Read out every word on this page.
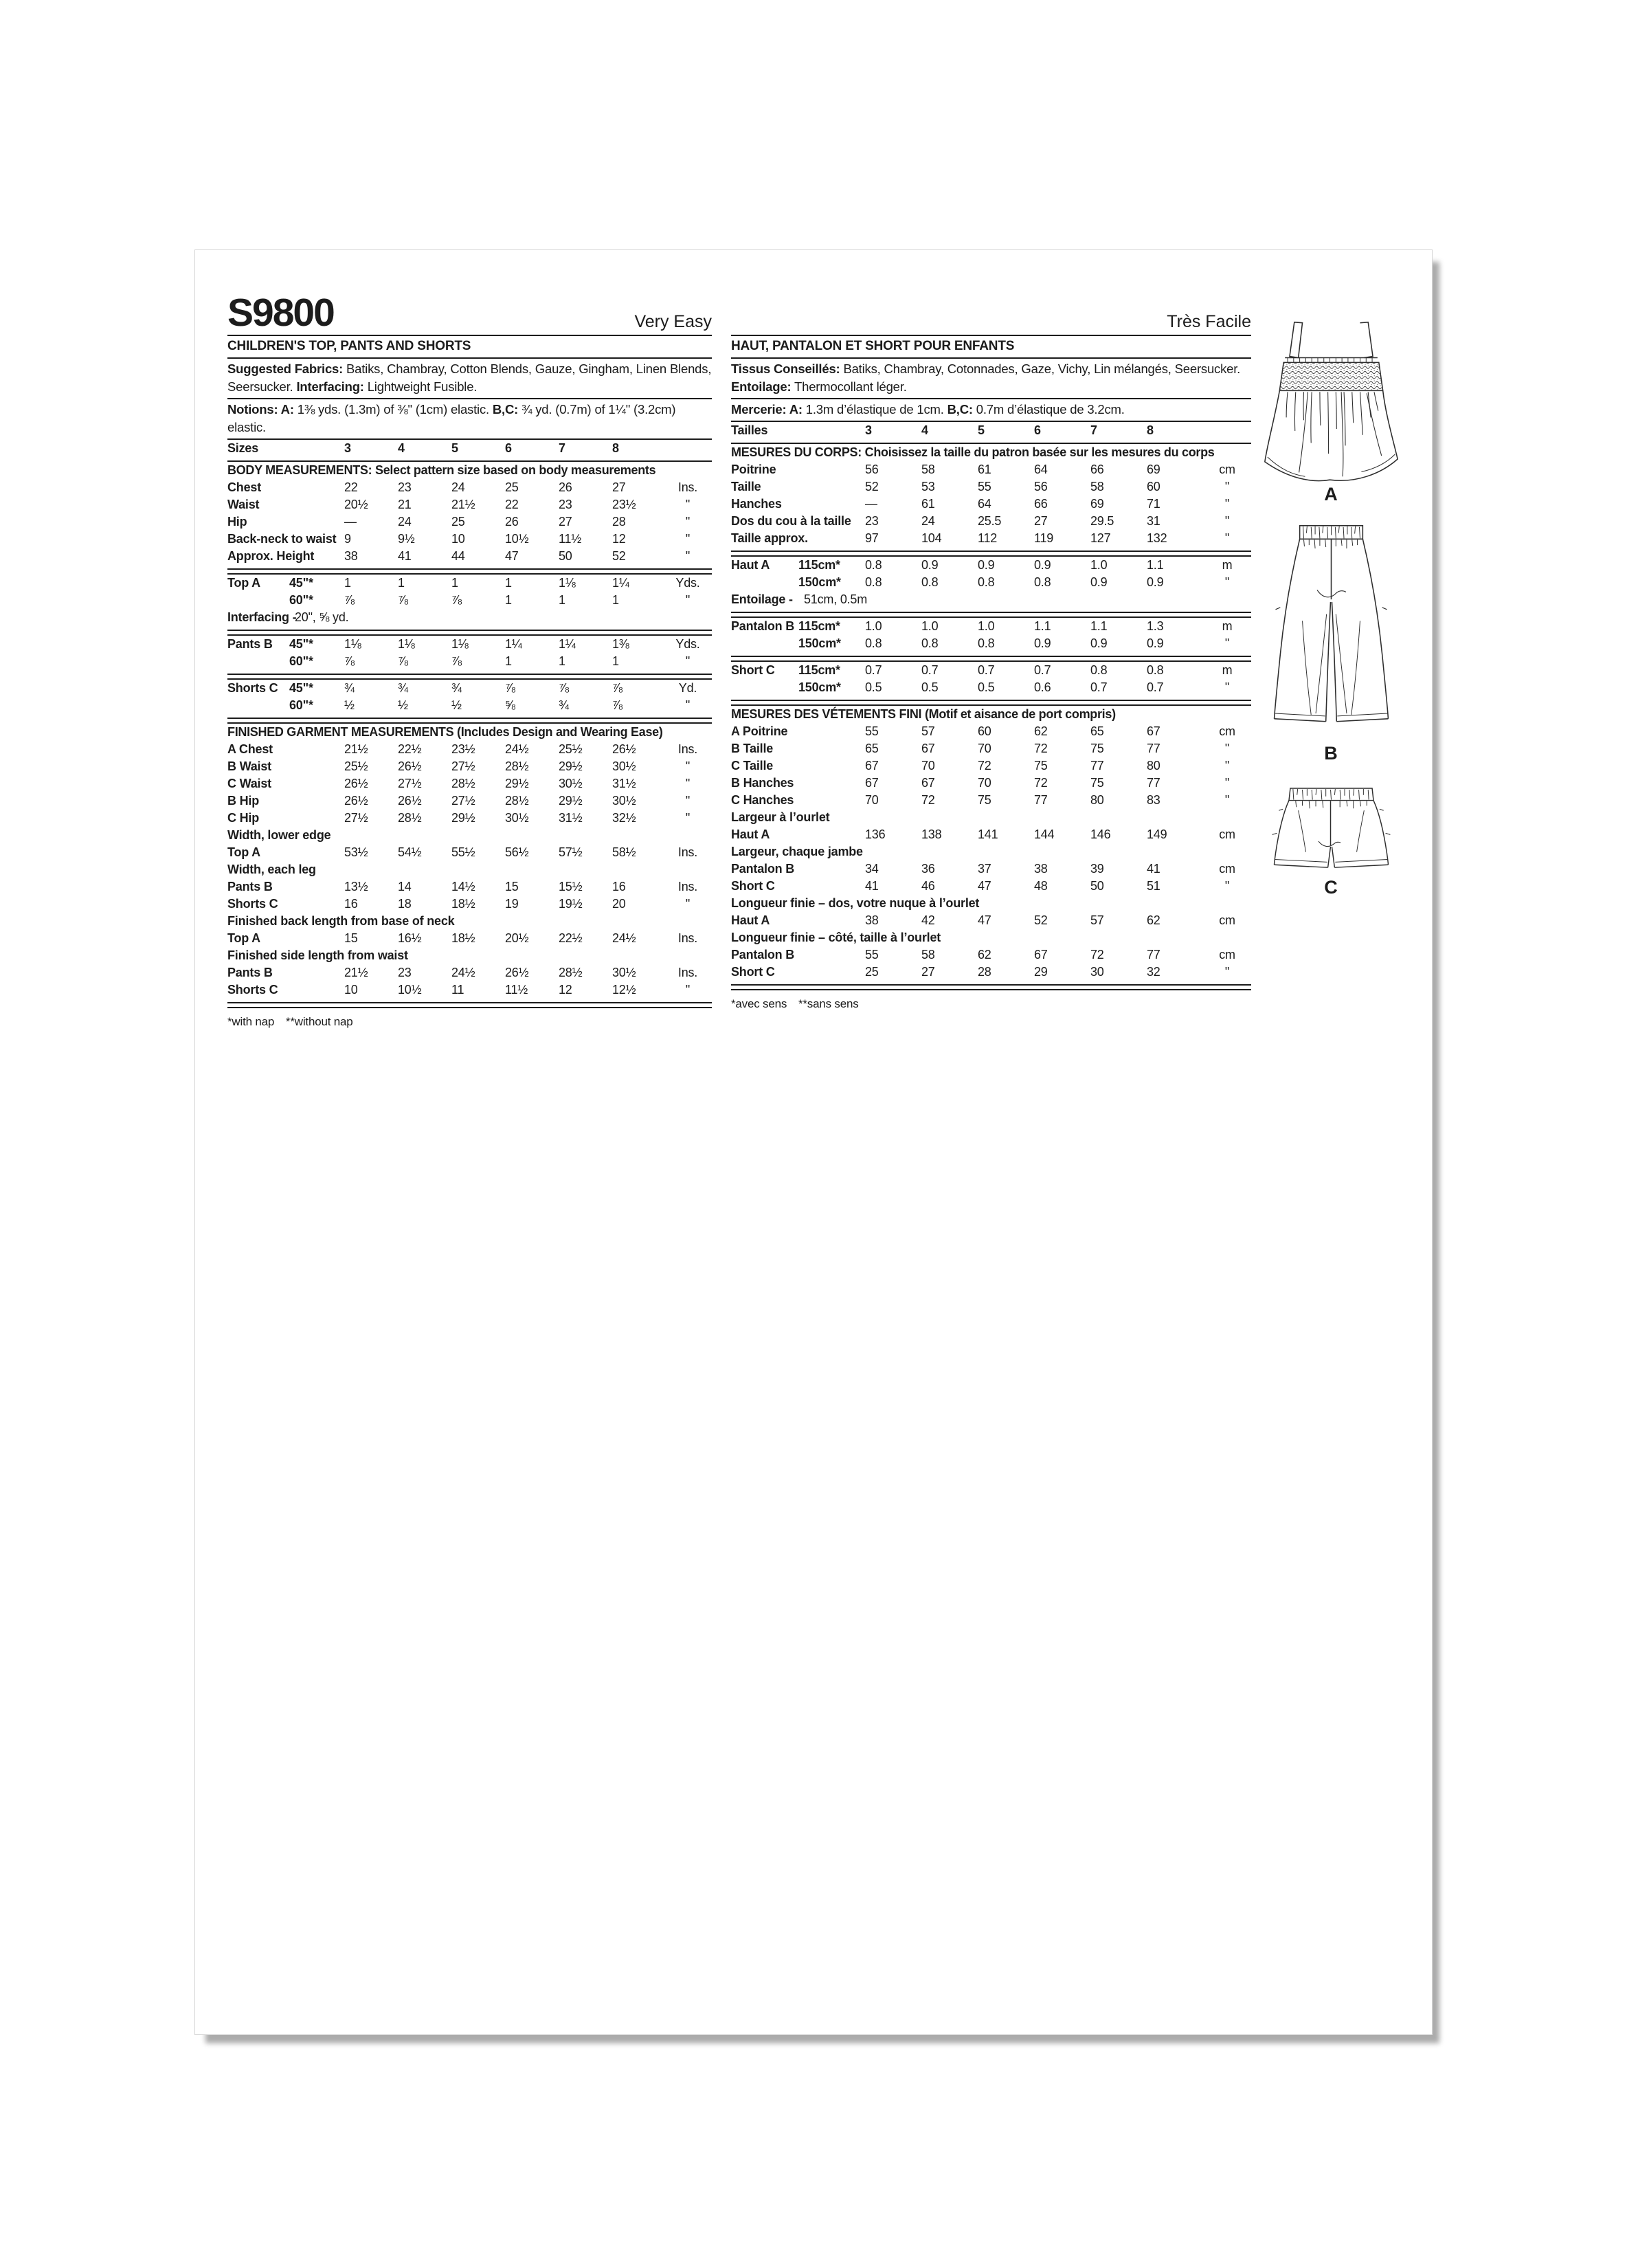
S9800	Very Easy
CHILDREN'S TOP, PANTS AND SHORTS
Suggested Fabrics: Batiks, Chambray, Cotton Blends, Gauze, Gingham, Linen Blends, Seersucker. Interfacing: Lightweight Fusible.
Notions: A: 1⅜ yds. (1.3m) of ⅜" (1cm) elastic. B,C: ¾ yd. (0.7m) of 1¼" (3.2cm) elastic.
Sizes	3	4	5	6	7	8
BODY MEASUREMENTS: Select pattern size based on body measurements
Chest	22	23	24	25	26	27	Ins.
Waist	20½	21	21½	22	23	23½	"
Hip	—	24	25	26	27	28	"
Back-neck to waist 9	9½	10	10½	11½	12	"
Approx. Height	38	41	44	47	50	52	"
Top A	45"*	1	1	1	1	1⅛	1¼	Yds.
60"*	⅞	⅞	⅞	1	1	1	"
Interfacing -
20", ⅝ yd.
Pants B	45"*	1⅛	1⅛	1⅛	1¼	1¼	1⅜	Yds.
60"*	⅞	⅞	⅞	1	1	1	"
Shorts C 45"*	¾	¾	¾	⅞	⅞	⅞	Yd.
60"*	½	½	½	⅝	¾	⅞	"
FINISHED GARMENT MEASUREMENTS (Includes Design and Wearing Ease)
A Chest	21½	22½	23½	24½	25½	26½	Ins.
B Waist	25½	26½	27½	28½	29½	30½	"
C Waist	26½	27½	28½	29½	30½	31½	"
B Hip	26½	26½	27½	28½	29½	30½	"
C Hip	27½	28½	29½	30½	31½	32½	"
Width, lower edge
Top A	53½	54½	55½	56½	57½	58½	Ins.
Width, each leg
Pants B	13½	14	14½	15	15½	16	Ins.
Shorts C	16	18	18½	19	19½	20	"
Finished back length from base of neck
Top A	15	16½	18½	20½	22½	24½	Ins.
Finished side length from waist
Pants B	21½	23	24½	26½	28½	30½	Ins.
Shorts C	10	10½	11	11½	12	12½	"
*with nap **without nap
Très Facile
HAUT, PANTALON ET SHORT POUR ENFANTS
Tissus Conseillés: Batiks, Chambray, Cotonnades, Gaze, Vichy, Lin mélangés, Seersucker.
Entoilage: Thermocollant léger.
Mercerie: A: 1.3m d’élastique de 1cm. B,C: 0.7m d’élastique de 3.2cm.
Tailles	3	4	5	6	7	8
MESURES DU CORPS: Choisissez la taille du patron basée sur les mesures du corps
Poitrine	56	58	61	64	66	69	cm
Taille	52	53	55	56	58	60	"
Hanches	—	61	64	66	69	71	"
Dos du cou à la taille	23	24	25.5	27	29.5	31	"
Taille approx.	97	104	112	119	127	132	"
Haut A	115cm*	0.8	0.9	0.9	0.9	1.0	1.1	m
150cm*	0.8	0.8	0.8	0.8	0.9	0.9	"
Entoilage - 51cm, 0.5m
Pantalon B 115cm*	1.0	1.0	1.0	1.1	1.1	1.3	m
150cm*	0.8	0.8	0.8	0.9	0.9	0.9	"
Short C	115cm*	0.7	0.7	0.7	0.7	0.8	0.8	m
150cm*	0.5	0.5	0.5	0.6	0.7	0.7	"
MESURES DES VÉTEMENTS FINI (Motif et aisance de port compris)
A Poitrine	55	57	60	62	65	67	cm
B Taille	65	67	70	72	75	77	"
C Taille	67	70	72	75	77	80	"
B Hanches	67	67	70	72	75	77	"
C Hanches	70	72	75	77	80	83	"
Largeur à l’ourlet
Haut A	136	138	141	144	146	149	cm
Largeur, chaque jambe
Pantalon B	34	36	37	38	39	41	cm
Short C	41	46	47	48	50	51	"
Longueur finie – dos, votre nuque à l’ourlet
Haut A	38	42	47	52	57	62	cm
Longueur finie – côté, taille à l’ourlet
Pantalon B	55	58	62	67	72	77	cm
Short C	25	27	28	29	30	32	"
*avec sens **sans sens
A
B
C
